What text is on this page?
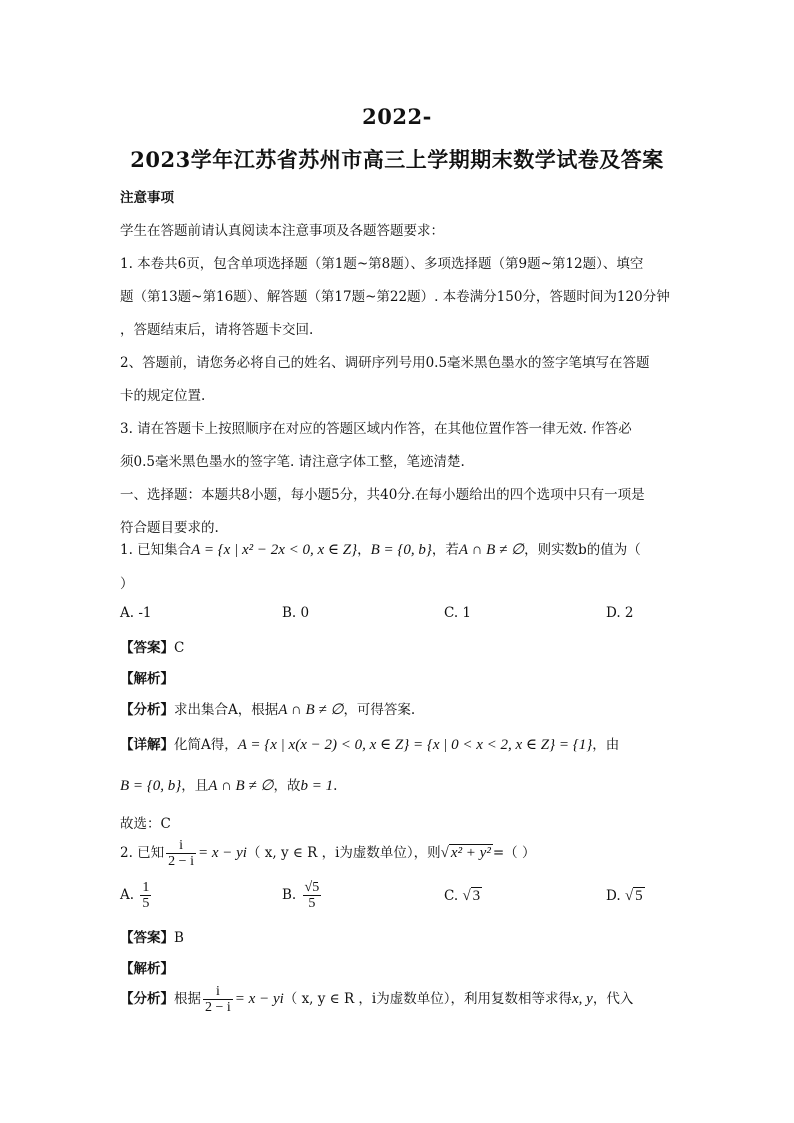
2022-
2023学年江苏省苏州市高三上学期期末数学试卷及答案
注意事项
学生在答题前请认真阅读本注意事项及各题答题要求：
1. 本卷共6页，包含单项选择题（第1题~第8题）、多项选择题（第9题~第12题）、填空
题（第13题~第16题）、解答题（第17题~第22题）. 本卷满分150分，答题时间为120分钟
，答题结束后，请将答题卡交回.
2、答题前，请您务必将自己的姓名、调研序列号用0.5毫米黑色墨水的签字笔填写在答题
卡的规定位置.
3. 请在答题卡上按照顺序在对应的答题区域内作答，在其他位置作答一律无效. 作答必
须0.5毫米黑色墨水的签字笔. 请注意字体工整，笔迹清楚.
一、选择题：本题共8小题，每小题5分，共40分.在每小题给出的四个选项中只有一项是
符合题目要求的.
1. 已知集合A = {x | x² − 2x < 0, x ∈ Z}，B = {0, b}，若A ∩ B ≠ ∅，则实数b的值为（
）
A. -1	B. 0	C. 1	D. 2
【答案】C
【解析】
【分析】求出集合A，根据A ∩ B ≠ ∅，可得答案.
【详解】化简A得，A = {x | x(x − 2) < 0, x ∈ Z} = {x | 0 < x < 2, x ∈ Z} = {1}，由
B = {0, b}，且A ∩ B ≠ ∅，故b = 1.
故选：C
2. 已知 $\frac{i}{2 - i} = x - yi$（ x, y ∈ R ，i为虚数单位），则√ x² + y² =（ ）
A. $\frac{1}{5}$	B. $\frac{√5}{5}$	C. √ 3	D. √ 5
【答案】B
【解析】
【分析】根据 $\frac{i}{2 - i} = x - yi$（ x, y ∈ R ，i为虚数单位），利用复数相等求得x, y，代入
